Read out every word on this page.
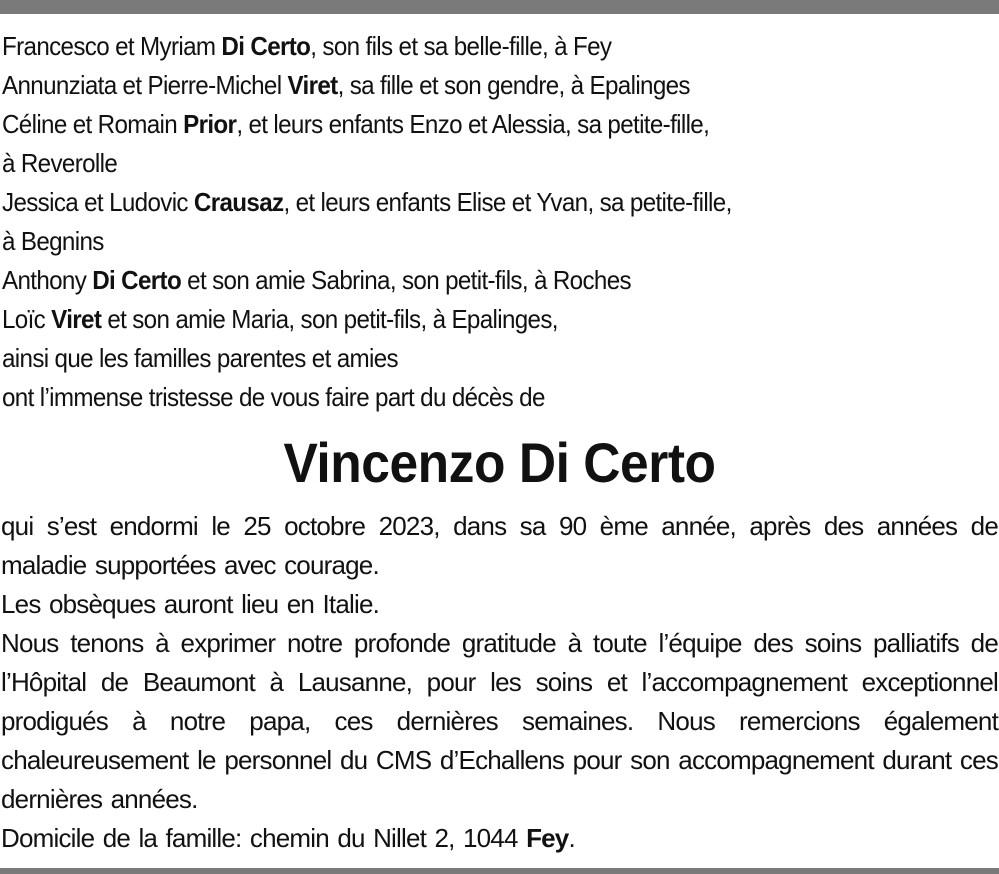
Francesco et Myriam Di Certo, son fils et sa belle-fille, à Fey
Annunziata et Pierre-Michel Viret, sa fille et son gendre, à Epalinges
Céline et Romain Prior, et leurs enfants Enzo et Alessia, sa petite-fille,
à Reverolle
Jessica et Ludovic Crausaz, et leurs enfants Elise et Yvan, sa petite-fille,
à Begnins
Anthony Di Certo et son amie Sabrina, son petit-fils, à Roches
Loïc Viret et son amie Maria, son petit-fils, à Epalinges,
ainsi que les familles parentes et amies
ont l’immense tristesse de vous faire part du décès de
Vincenzo Di Certo
qui s’est endormi le 25 octobre 2023, dans sa 90 ème année, après des années de maladie supportées avec courage.
Les obsèques auront lieu en Italie.
Nous tenons à exprimer notre profonde gratitude à toute l’équipe des soins palliatifs de l’Hôpital de Beaumont à Lausanne, pour les soins et l’accompagnement exceptionnel prodigués à notre papa, ces dernières semaines. Nous remercions également chaleureusement le personnel du CMS d’Echallens pour son accompagnement durant ces dernières années.
Domicile de la famille: chemin du Nillet 2, 1044 Fey.
